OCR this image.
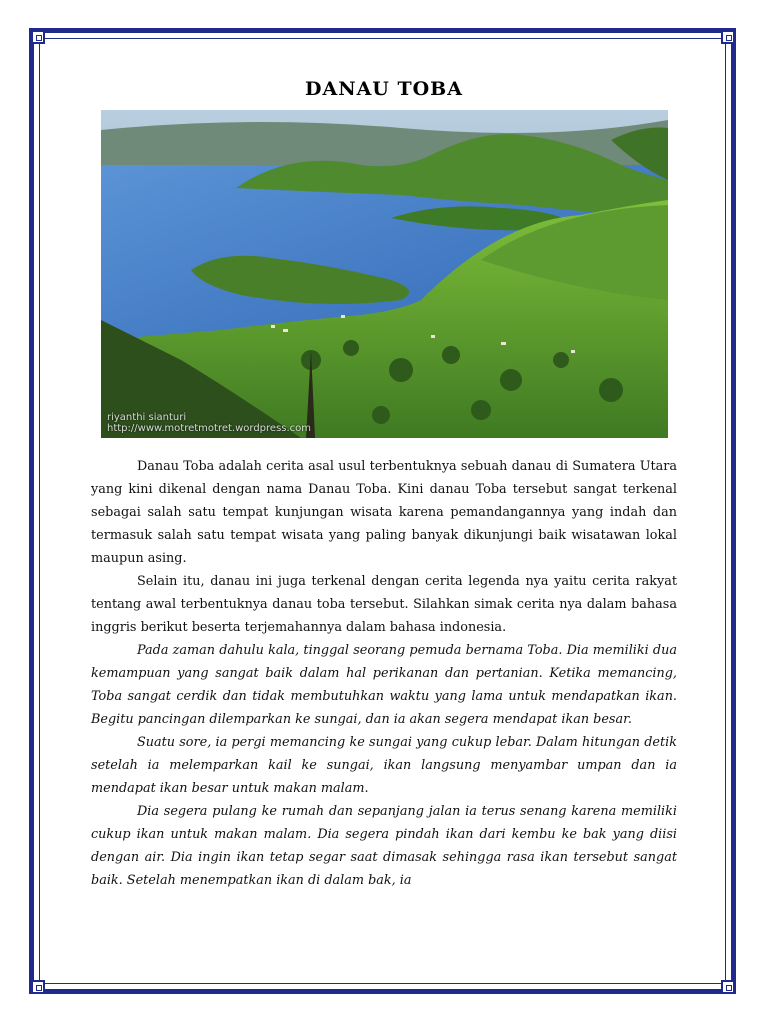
DANAU TOBA
riyanthi sianturi
http://www.motretmotret.wordpress.com

Danau Toba adalah cerita asal usul terbentuknya sebuah danau di Sumatera Utara yang kini dikenal dengan nama Danau Toba. Kini danau Toba tersebut sangat terkenal sebagai salah satu tempat kunjungan wisata karena pemandangannya yang indah dan termasuk salah satu tempat wisata yang paling banyak dikunjungi baik wisatawan lokal maupun asing.

Selain itu, danau ini juga terkenal dengan cerita legenda nya yaitu cerita rakyat tentang awal terbentuknya danau toba tersebut. Silahkan simak cerita nya dalam bahasa inggris berikut beserta terjemahannya dalam bahasa indonesia.

Pada zaman dahulu kala, tinggal seorang pemuda bernama Toba. Dia memiliki dua kemampuan yang sangat baik dalam hal perikanan dan pertanian. Ketika memancing, Toba sangat cerdik dan tidak membutuhkan waktu yang lama untuk mendapatkan ikan. Begitu pancingan dilemparkan ke sungai, dan ia akan segera mendapat ikan besar.

Suatu sore, ia pergi memancing ke sungai yang cukup lebar. Dalam hitungan detik setelah ia melemparkan kail ke sungai, ikan langsung menyambar umpan dan ia mendapat ikan besar untuk makan malam.

Dia segera pulang ke rumah dan sepanjang jalan ia terus senang karena memiliki cukup ikan untuk makan malam. Dia segera pindah ikan dari kembu ke bak yang diisi dengan air. Dia ingin ikan tetap segar saat dimasak sehingga rasa ikan tersebut sangat baik. Setelah menempatkan ikan di dalam bak, ia
